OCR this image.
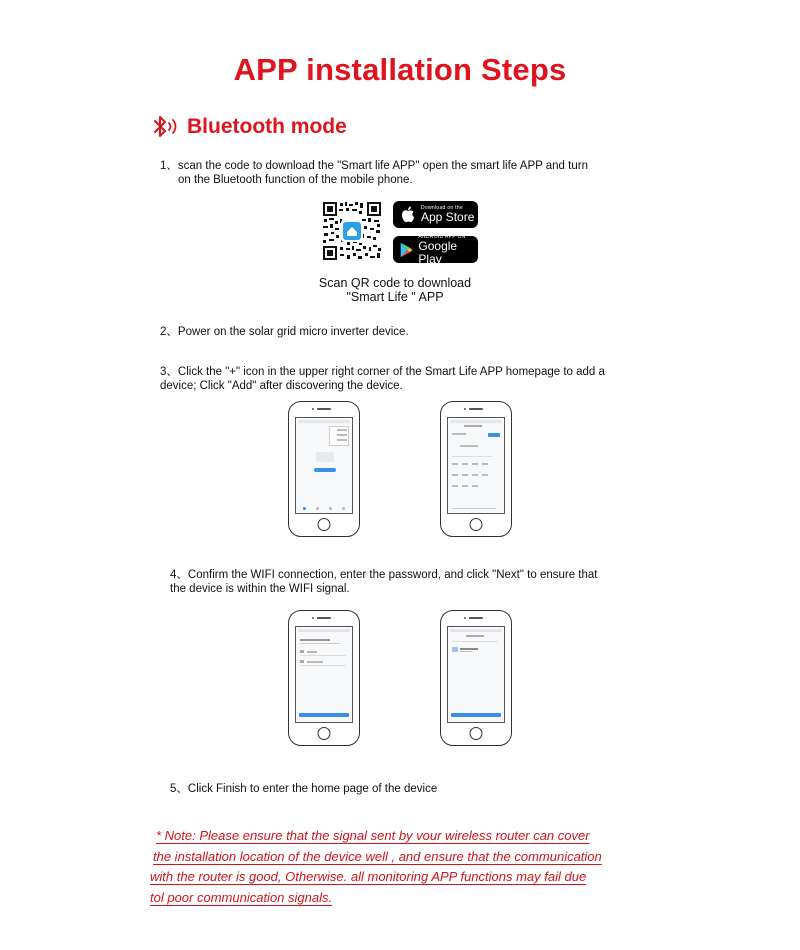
APP installation Steps
Bluetooth mode
1、scan the code to download the "Smart life APP" open the smart life APP and turn
on the Bluetooth function of the mobile phone.
Download on the
App Store
ANDROID APP ON
Google Play
Scan QR code to download
"Smart Life " APP
2、Power on the solar grid micro inverter device.
3、Click the "+" icon in the upper right corner of the Smart Life APP homepage to add a
device; Click "Add" after discovering the device.
4、Confirm the WIFI connection, enter the password, and click "Next" to ensure that
the device is within the WIFI signal.
5、Click Finish to enter the home page of the device
* Note: Please ensure that the signal sent by vour wireless router can cover
the installation location of the device well , and ensure that the communication
with the router is good, Otherwise. all monitoring APP functions may fail due
tol poor communication signals.
